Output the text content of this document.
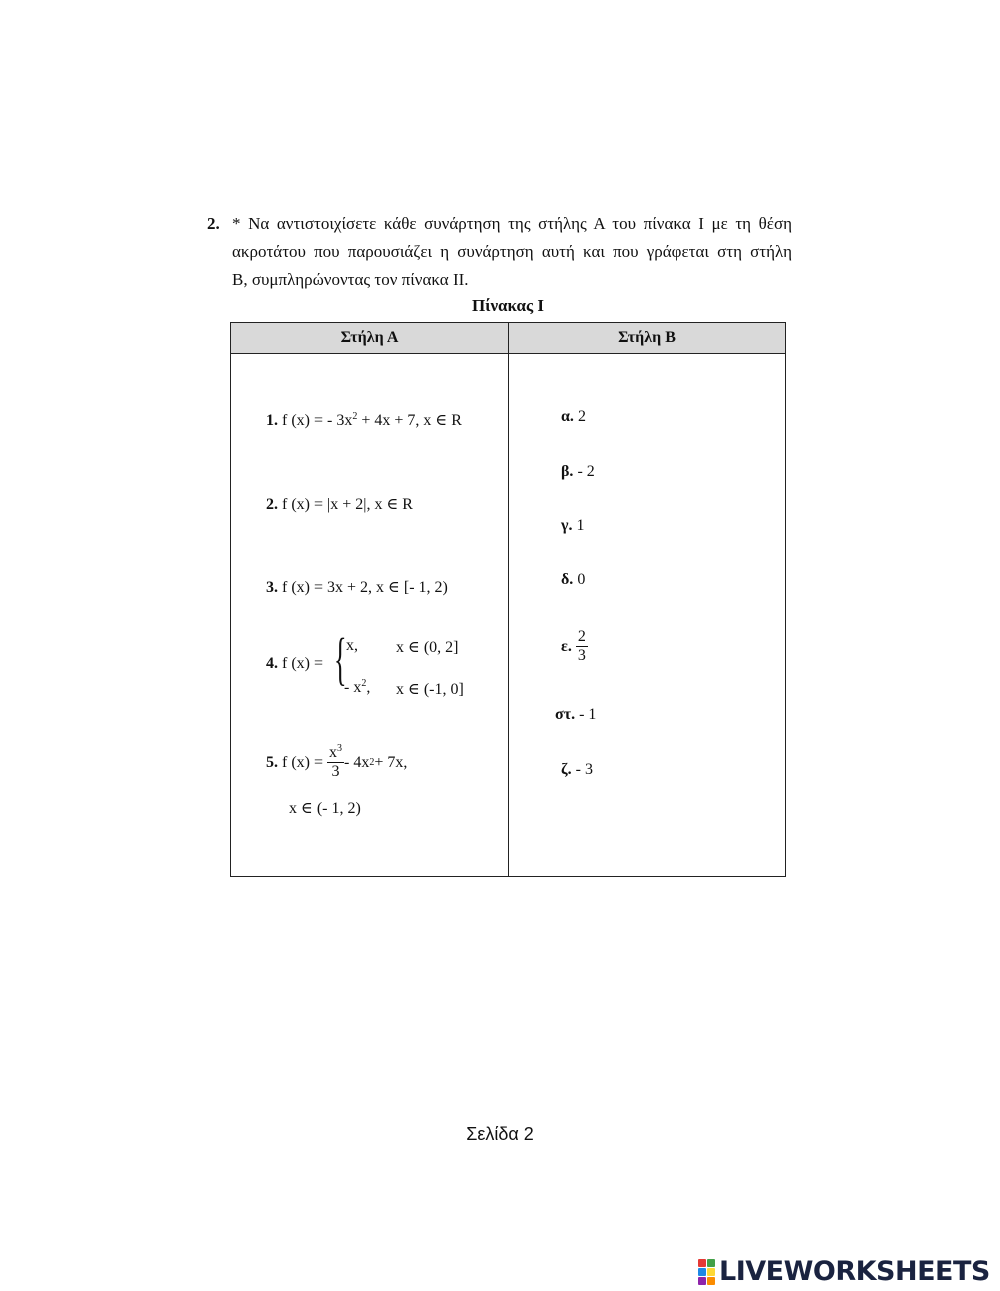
2. * Να αντιστοιχίσετε κάθε συνάρτηση της στήλης Α του πίνακα Ι με τη θέση
ακροτάτου που παρουσιάζει η συνάρτηση αυτή και που γράφεται στη στήλη
Β, συμπληρώνοντας τον πίνακα ΙΙ.
Πίνακας Ι
Στήλη Α	Στήλη Β
1. f (x) = - $3x^2 + 4x + 7$, x ∈ R
2. f (x) = |x + 2|, x ∈ R
3. f (x) = 3x + 2, x ∈ [- 1, 2)
4. f (x) = { x, x ∈ (0, 2]
- $x^2$, x ∈ (-1, 0]
5.
f (x) =
$\frac{x^3}{3} - 4x$ 2 + 7x,
x ∈ (- 1, 2)
α. 2
β. - 2
γ. 1
δ. 0
ε.
$\frac{2}{3}$
στ. - 1
ζ. - 3
Σελίδα 2
LIVEWORKSHEETS
